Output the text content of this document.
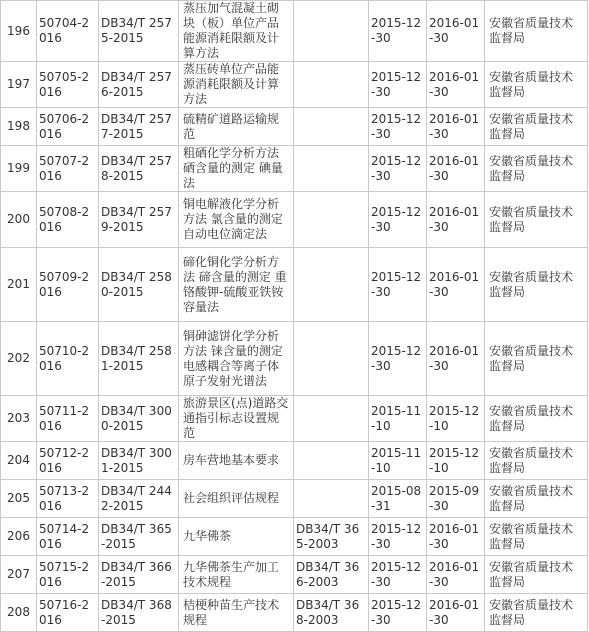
196	50704-2016	DB34/T 2575-2015	蒸压加气混凝土砌块（板）单位产品能源消耗限额及计算方法		2015-12-30	2016-01-30	安徽省质量技术监督局
197	50705-2016	DB34/T 2576-2015	蒸压砖单位产品能源消耗限额及计算方法		2015-12-30	2016-01-30	安徽省质量技术监督局
198	50706-2016	DB34/T 2577-2015	硫精矿道路运输规范		2015-12-30	2016-01-30	安徽省质量技术监督局
199	50707-2016	DB34/T 2578-2015	粗硒化学分析方法 硒含量的测定 碘量法		2015-12-30	2016-01-30	安徽省质量技术监督局
200	50708-2016	DB34/T 2579-2015	铜电解液化学分析方法 氯含量的测定 自动电位滴定法		2015-12-30	2016-01-30	安徽省质量技术监督局
201	50709-2016	DB34/T 2580-2015	碲化铜化学分析方法 碲含量的测定 重铬酸钾-硫酸亚铁铵容量法		2015-12-30	2016-01-30	安徽省质量技术监督局
202	50710-2016	DB34/T 2581-2015	铜砷滤饼化学分析方法 铼含量的测定 电感耦合等离子体原子发射光谱法		2015-12-30	2016-01-30	安徽省质量技术监督局
203	50711-2016	DB34/T 3000-2015	旅游景区(点)道路交通指引标志设置规范		2015-11-10	2015-12-10	安徽省质量技术监督局
204	50712-2016	DB34/T 3001-2015	房车营地基本要求		2015-11-10	2015-12-10	安徽省质量技术监督局
205	50713-2016	DB34/T 2442-2015	社会组织评估规程		2015-08-31	2015-09-30	安徽省质量技术监督局
206	50714-2016	DB34/T 365-2015	九华佛茶	DB34/T 365-2003	2015-12-30	2016-01-30	安徽省质量技术监督局
207	50715-2016	DB34/T 366-2015	九华佛茶生产加工技术规程	DB34/T 366-2003	2015-12-30	2016-01-30	安徽省质量技术监督局
208	50716-2016	DB34/T 368-2015	桔梗种苗生产技术规程	DB34/T 368-2003	2015-12-30	2016-01-30	安徽省质量技术监督局
